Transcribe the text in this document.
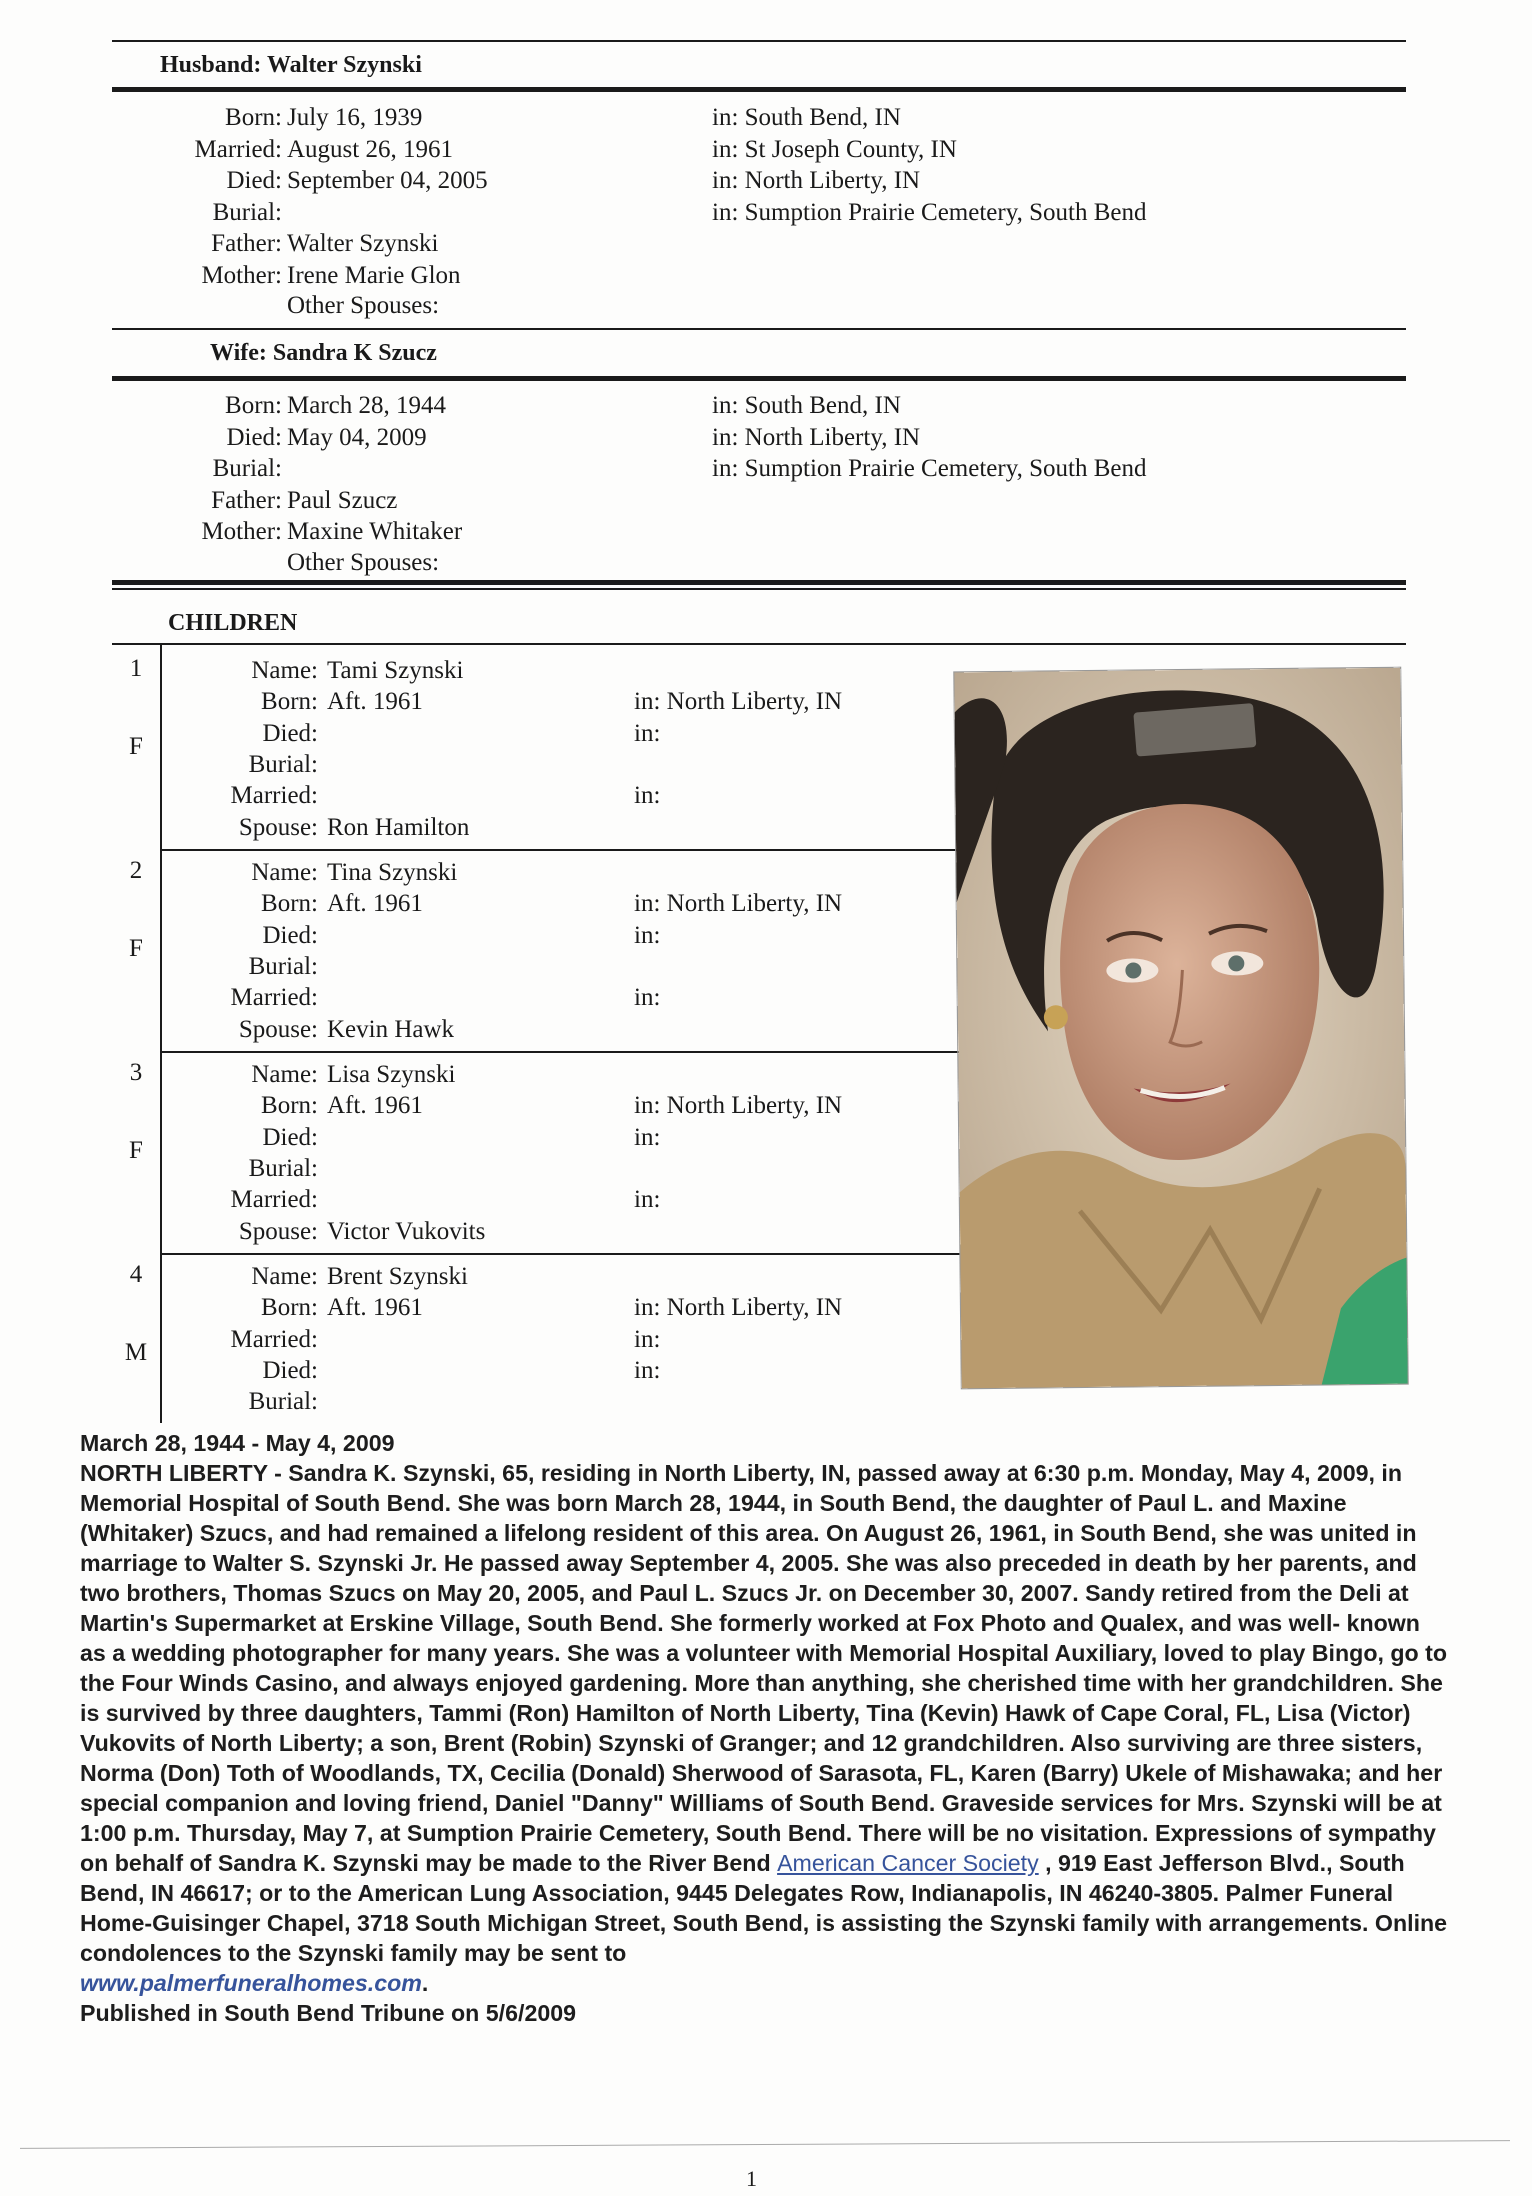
Husband: Walter Szynski
Born: July 16, 1939	in: South Bend, IN
Married: August 26, 1961	in: St Joseph County, IN
Died: September 04, 2005	in: North Liberty, IN
Burial:	in: Sumption Prairie Cemetery, South Bend
Father: Walter Szynski
Mother: Irene Marie Glon
Other Spouses:
Wife: Sandra K Szucz
Born: March 28, 1944	in: South Bend, IN
Died: May 04, 2009	in: North Liberty, IN
Burial:	in: Sumption Prairie Cemetery, South Bend
Father: Paul Szucz
Mother: Maxine Whitaker
Other Spouses:
CHILDREN
1
F
Name: Tami Szynski
Born: Aft. 1961	in: North Liberty, IN
Died:	in:
Burial:
Married:	in:
Spouse: Ron Hamilton
2
F
Name: Tina Szynski
Born: Aft. 1961	in: North Liberty, IN
Died:	in:
Burial:
Married:	in:
Spouse: Kevin Hawk
3
F
Name: Lisa Szynski
Born: Aft. 1961	in: North Liberty, IN
Died:	in:
Burial:
Married:	in:
Spouse: Victor Vukovits
4
M
Name: Brent Szynski
Born: Aft. 1961	in: North Liberty, IN
Married:	in:
Died:	in:
Burial:

March 28, 1944 - May 4, 2009

NORTH LIBERTY - Sandra K. Szynski, 65, residing in North Liberty, IN, passed away at 6:30 p.m. Monday, May 4, 2009, in Memorial Hospital of South Bend. She was born March 28, 1944, in South Bend, the daughter of Paul L. and Maxine (Whitaker) Szucs, and had remained a lifelong resident of this area. On August 26, 1961, in South Bend, she was united in marriage to Walter S. Szynski Jr. He passed away September 4, 2005. She was also preceded in death by her parents, and two brothers, Thomas Szucs on May 20, 2005, and Paul L. Szucs Jr. on December 30, 2007. Sandy retired from the Deli at Martin's Supermarket at Erskine Village, South Bend. She formerly worked at Fox Photo and Qualex, and was well- known as a wedding photographer for many years. She was a volunteer with Memorial Hospital Auxiliary, loved to play Bingo, go to the Four Winds Casino, and always enjoyed gardening. More than anything, she cherished time with her grandchildren. She is survived by three daughters, Tammi (Ron) Hamilton of North Liberty, Tina (Kevin) Hawk of Cape Coral, FL, Lisa (Victor) Vukovits of North Liberty; a son, Brent (Robin) Szynski of Granger; and 12 grandchildren. Also surviving are three sisters, Norma (Don) Toth of Woodlands, TX, Cecilia (Donald) Sherwood of Sarasota, FL, Karen (Barry) Ukele of Mishawaka; and her special companion and loving friend, Daniel "Danny" Williams of South Bend. Graveside services for Mrs. Szynski will be at 1:00 p.m. Thursday, May 7, at Sumption Prairie Cemetery, South Bend. There will be no visitation. Expressions of sympathy on behalf of Sandra K. Szynski may be made to the River Bend American Cancer Society , 919 East Jefferson Blvd., South Bend, IN 46617; or to the American Lung Association, 9445 Delegates Row, Indianapolis, IN 46240-3805. Palmer Funeral Home-Guisinger Chapel, 3718 South Michigan Street, South Bend, is assisting the Szynski family with arrangements. Online condolences to the Szynski family may be sent to
www.palmerfuneralhomes.com.

Published in South Bend Tribune on 5/6/2009

1
